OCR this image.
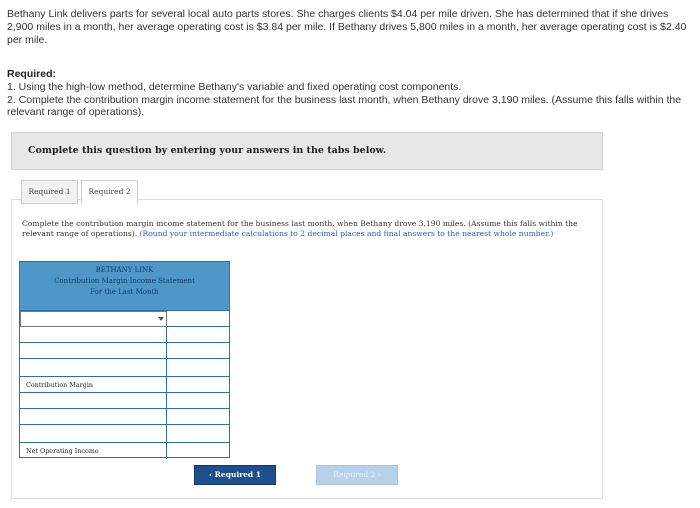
Bethany Link delivers parts for several local auto parts stores. She charges clients $4.04 per mile driven. She has determined that if she drives 2,900 miles in a month, her average operating cost is $3.84 per mile. If Bethany drives 5,800 miles in a month, her average operating cost is $2.40 per mile.
Required:
1. Using the high-low method, determine Bethany's variable and fixed operating cost components.
2. Complete the contribution margin income statement for the business last month, when Bethany drove 3,190 miles. (Assume this falls within the relevant range of operations).
Complete this question by entering your answers in the tabs below.
Required 1	Required 2
Complete the contribution margin income statement for the business last month, when Bethany drove 3,190 miles. (Assume this falls within the relevant range of operations). (Round your intermediate calculations to 2 decimal places and final answers to the nearest whole number.)
BETHANY LINK
Contribution Margin Income Statement
For the Last Month
Contribution Margin
Net Operating Income
‹ Required 1	Required 2 ›
